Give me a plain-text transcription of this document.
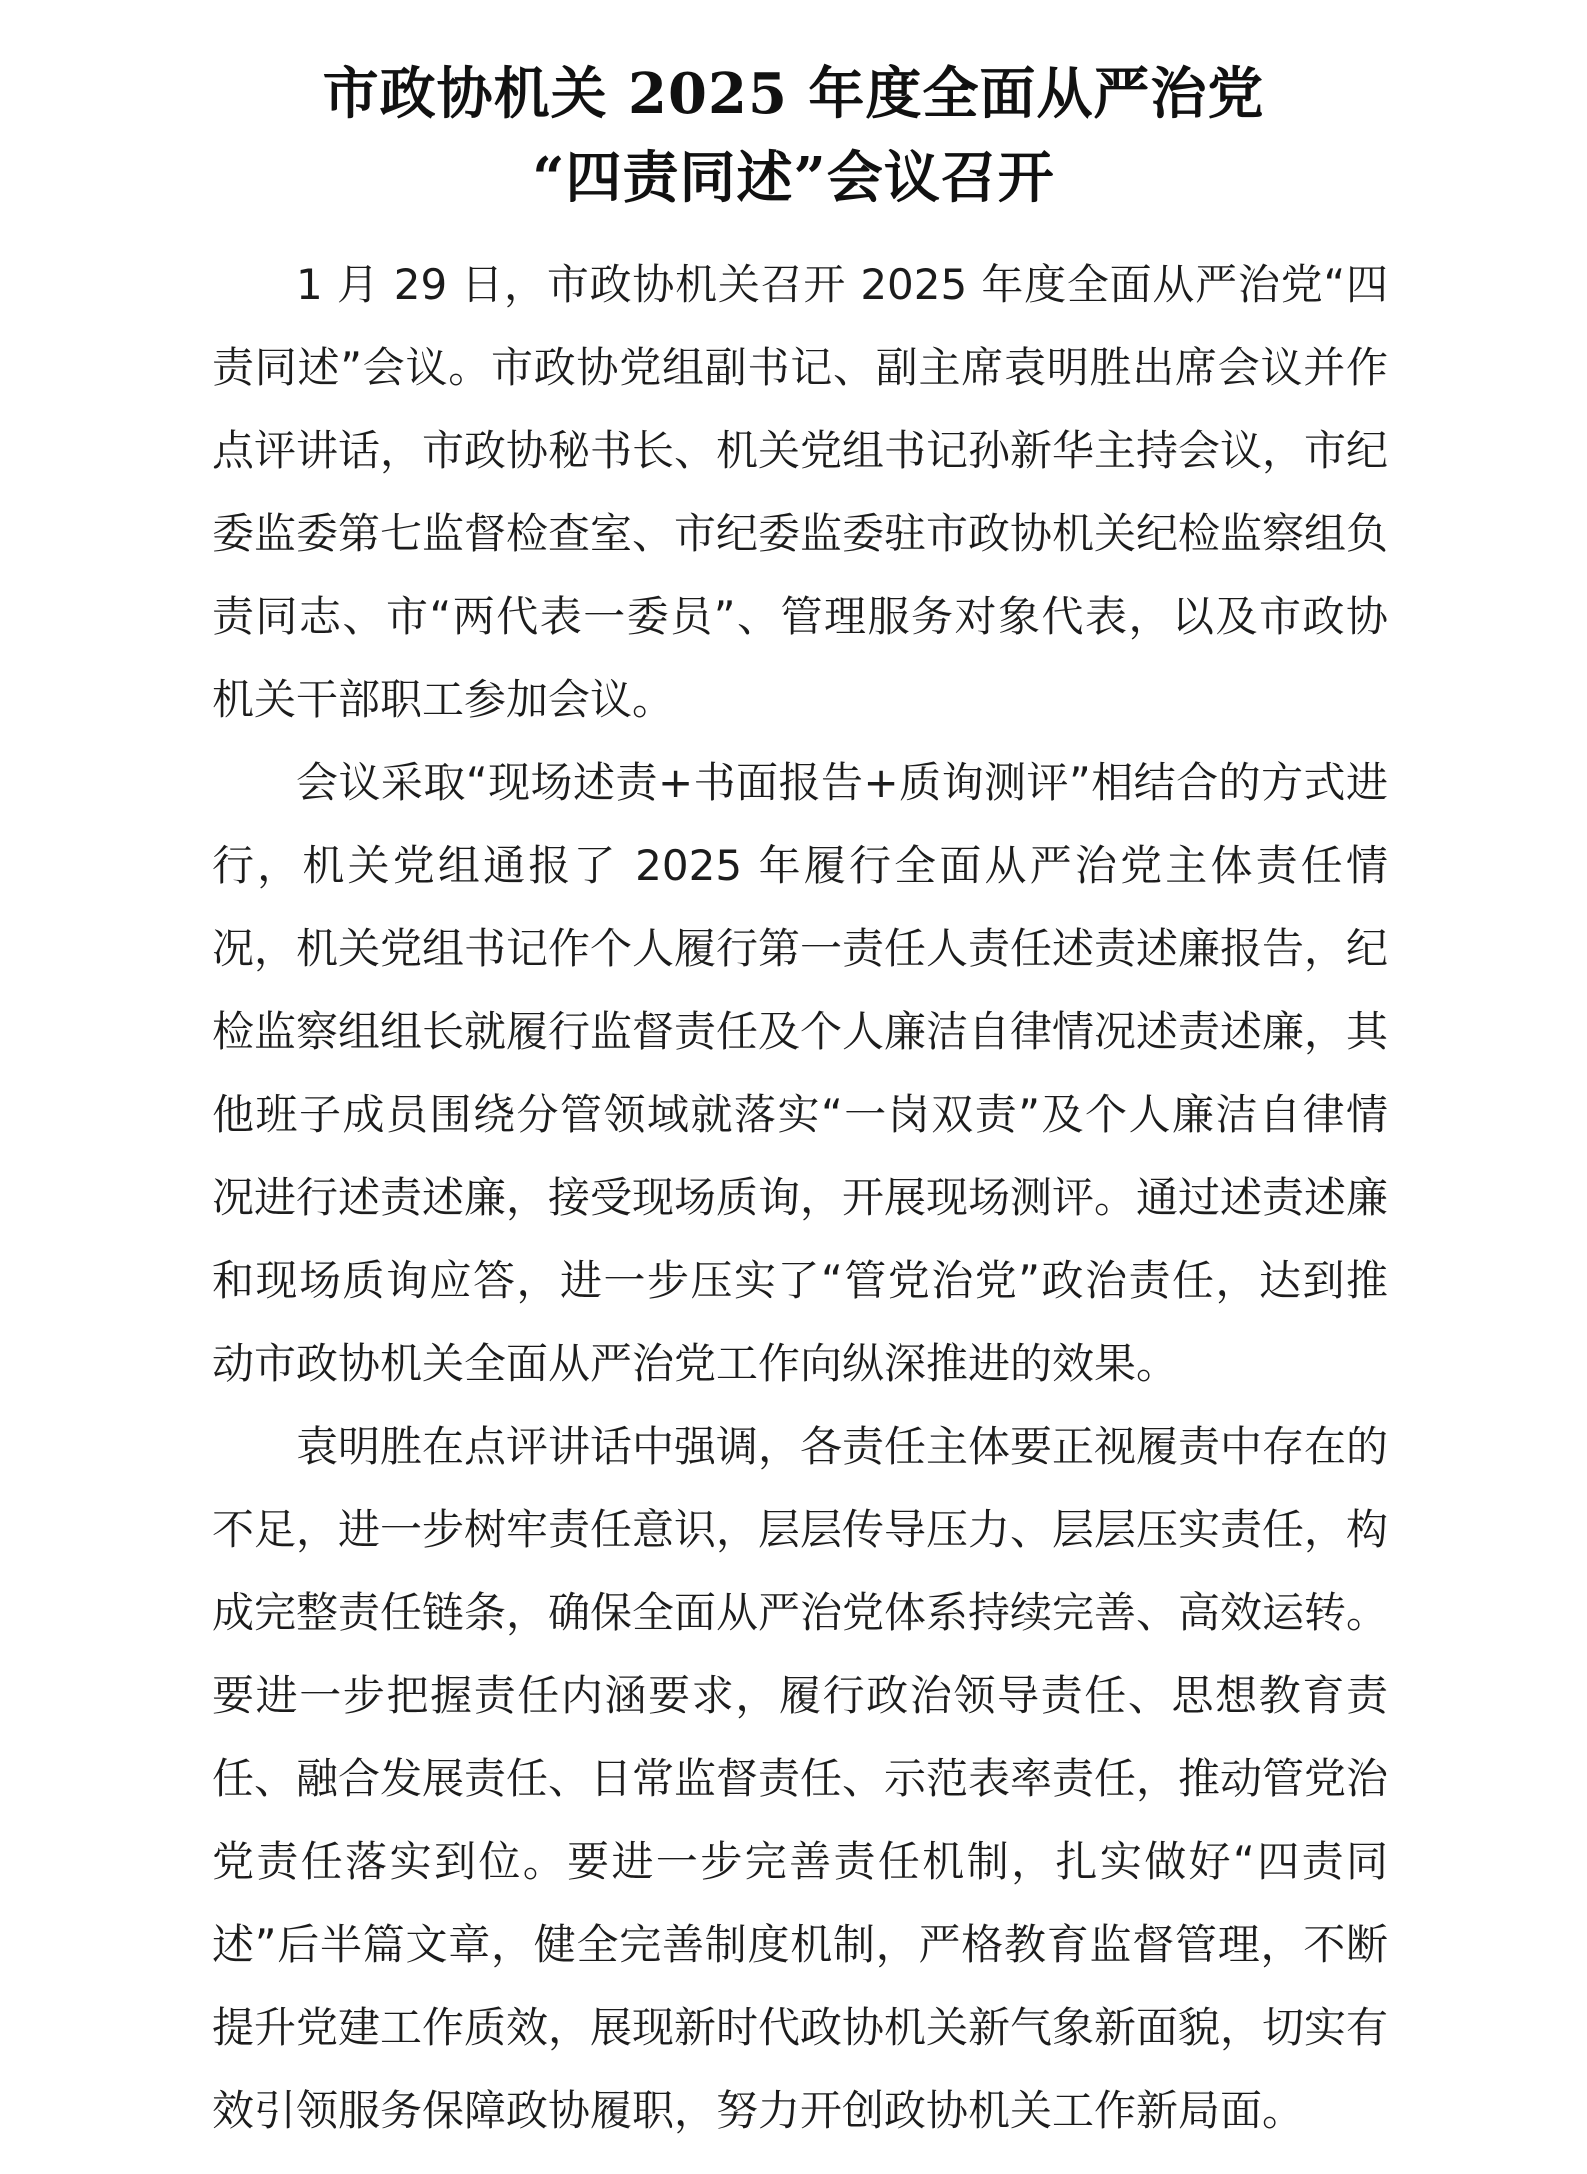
市政协机关 2025 年度全面从严治党
“四责同述”会议召开

1 月 29 日，市政协机关召开 2025 年度全面从严治党“四责同述”会议。市政协党组副书记、副主席袁明胜出席会议并作点评讲话，市政协秘书长、机关党组书记孙新华主持会议，市纪委监委第七监督检查室、市纪委监委驻市政协机关纪检监察组负责同志、市“两代表一委员”、管理服务对象代表，以及市政协机关干部职工参加会议。

会议采取“现场述责+书面报告+质询测评”相结合的方式进行，机关党组通报了 2025 年履行全面从严治党主体责任情况，机关党组书记作个人履行第一责任人责任述责述廉报告，纪检监察组组长就履行监督责任及个人廉洁自律情况述责述廉，其他班子成员围绕分管领域就落实“一岗双责”及个人廉洁自律情况进行述责述廉，接受现场质询，开展现场测评。通过述责述廉和现场质询应答，进一步压实了“管党治党”政治责任，达到推动市政协机关全面从严治党工作向纵深推进的效果。

袁明胜在点评讲话中强调，各责任主体要正视履责中存在的不足，进一步树牢责任意识，层层传导压力、层层压实责任，构成完整责任链条，确保全面从严治党体系持续完善、高效运转。要进一步把握责任内涵要求，履行政治领导责任、思想教育责任、融合发展责任、日常监督责任、示范表率责任，推动管党治党责任落实到位。要进一步完善责任机制，扎实做好“四责同述”后半篇文章，健全完善制度机制，严格教育监督管理，不断提升党建工作质效，展现新时代政协机关新气象新面貌，切实有效引领服务保障政协履职，努力开创政协机关工作新局面。
